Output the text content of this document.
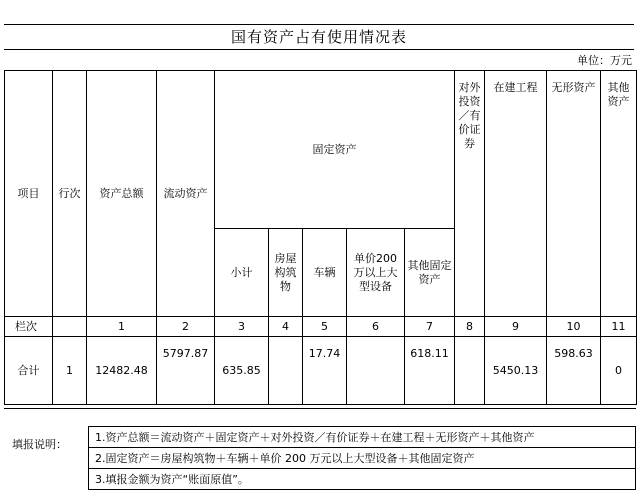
国有资产占有使用情况表
单位：万元
项目	行次	资产总额	流动资产	固定资产					对外投资／有价证券	在建工程	无形资产	其他资产
				小计	房屋构筑物	车辆	单价200万以上大型设备	其他固定资产				
栏次		1	2	3	4	5	6	7	8	9	10	11
合计	1	12482.48	5797.87	635.85		17.74		618.11		5450.13	598.63	0
填报说明：
1.资产总额＝流动资产＋固定资产＋对外投资／有价证券＋在建工程＋无形资产＋其他资产
2.固定资产＝房屋构筑物＋车辆＋单价 200 万元以上大型设备＋其他固定资产
3.填报金额为资产“账面原值”。
